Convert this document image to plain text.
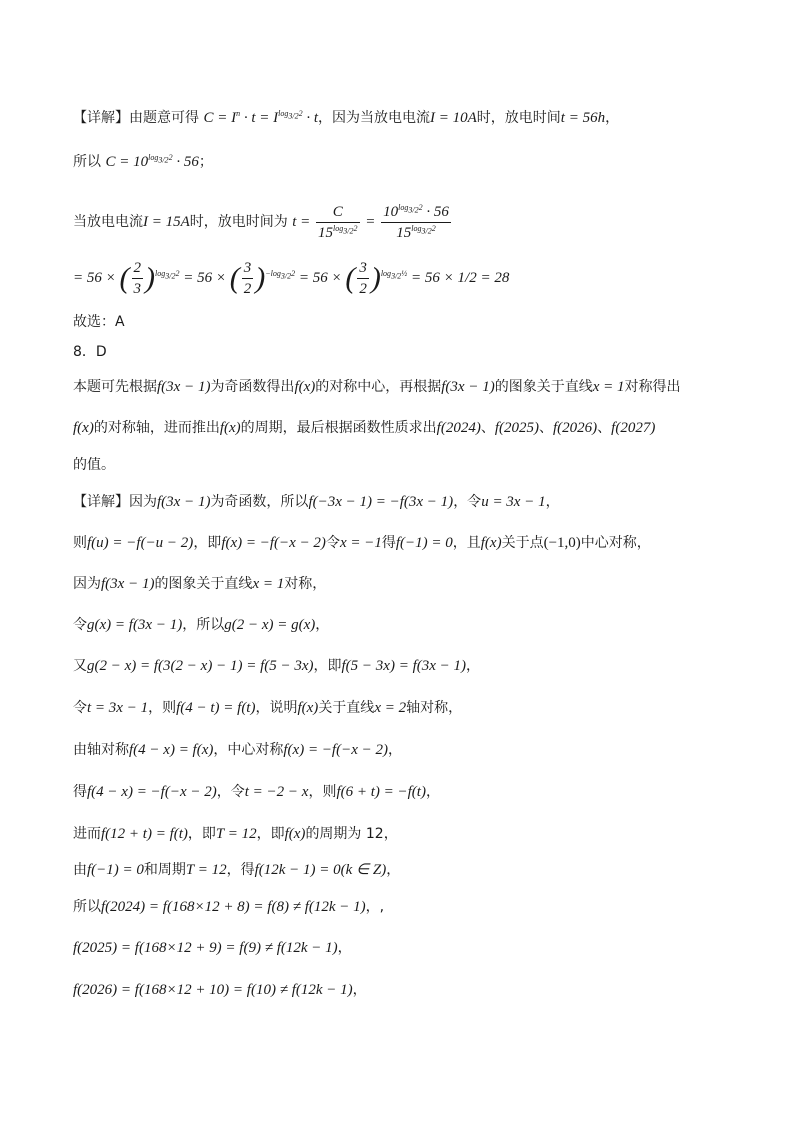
【详解】由题意可得 $C = I^n \cdot t = I^{log_{3/2}2} \cdot t$，因为当放电电流I = 10A时，放电时间t = 56h，
所以 $C = 10^{log_{3/2}2} \cdot 56$；
当放电电流I = 15A时，放电时间为 $t = \frac{C}{15^{log_{3/2}2}} = \frac{10^{log_{3/2}2} \cdot 56}{15^{log_{3/2}2}}$
= 56 × ( $\frac{2}{3} )^{log_{3/2}2} = 56$ × ( $\frac{3}{2} )^{-log_{3/2}2} = 56$ × ( $\frac{3}{2} )^{log_{3/2}\frac{1}{2}} = 56 \times 1/2 = 28$
故选：A
8．D
本题可先根据f(3x − 1)为奇函数得出f(x)的对称中心，再根据f(3x − 1)的图象关于直线x = 1对称得出
f(x)的对称轴，进而推出f(x)的周期，最后根据函数性质求出f(2024)、f(2025)、f(2026)、f(2027)
的值。
【详解】因为f(3x − 1)为奇函数，所以f(−3x − 1) = −f(3x − 1)，令u = 3x − 1，
则f(u) = −f(−u − 2)，即f(x) = −f(−x − 2)令x = −1得f(−1) = 0，且f(x)关于点(−1,0)中心对称，
因为f(3x − 1)的图象关于直线x = 1对称，
令g(x) = f(3x − 1)，所以g(2 − x) = g(x)，
又g(2 − x) = f(3(2 − x) − 1) = f(5 − 3x)，即f(5 − 3x) = f(3x − 1)，
令t = 3x − 1，则f(4 − t) = f(t)，说明f(x)关于直线x = 2轴对称，
由轴对称f(4 − x) = f(x)，中心对称f(x) = −f(−x − 2)，
得f(4 − x) = −f(−x − 2)，令t = −2 − x，则f(6 + t) = −f(t)，
进而f(12 + t) = f(t)，即T = 12，即f(x)的周期为 12，
由f(−1) = 0和周期T = 12，得f(12k − 1) = 0(k ∈ Z)，
所以f(2024) = f(168×12 + 8) = f(8) ≠ f(12k − 1)，,
f(2025) = f(168×12 + 9) = f(9) ≠ f(12k − 1)，
f(2026) = f(168×12 + 10) = f(10) ≠ f(12k − 1)，
